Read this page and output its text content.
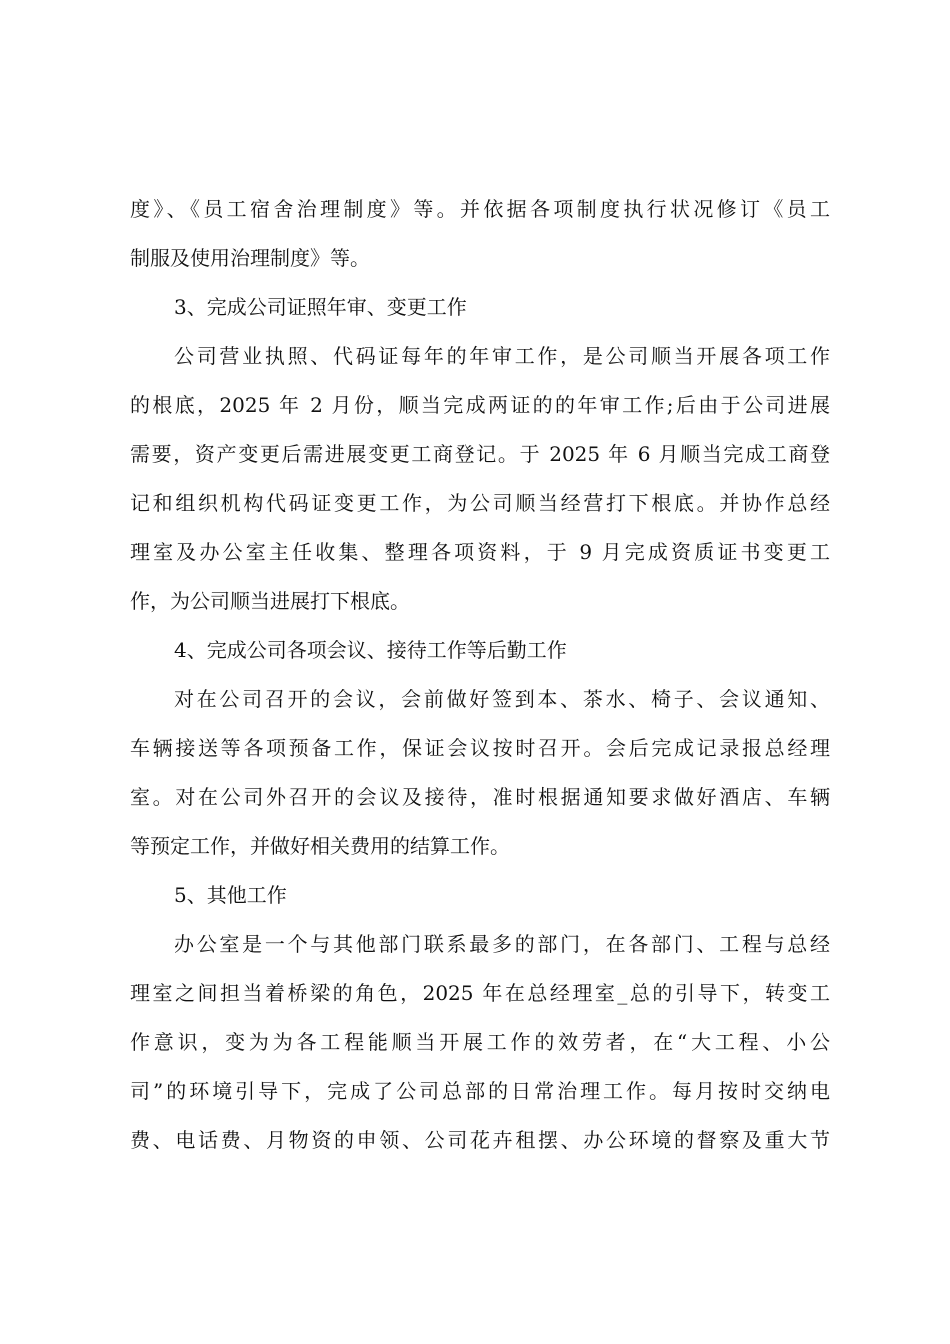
度》、《员工宿舍治理制度》等。并依据各项制度执行状况修订《员工
制服及使用治理制度》等。
3、完成公司证照年审、变更工作
公司营业执照、代码证每年的年审工作，是公司顺当开展各项工作
的根底，2025 年 2 月份，顺当完成两证的的年审工作;后由于公司进展
需要，资产变更后需进展变更工商登记。于 2025 年 6 月顺当完成工商登
记和组织机构代码证变更工作，为公司顺当经营打下根底。并协作总经
理室及办公室主任收集、整理各项资料，于 9 月完成资质证书变更工
作，为公司顺当进展打下根底。
4、完成公司各项会议、接待工作等后勤工作
对在公司召开的会议，会前做好签到本、茶水、椅子、会议通知、
车辆接送等各项预备工作，保证会议按时召开。会后完成记录报总经理
室。对在公司外召开的会议及接待，准时根据通知要求做好酒店、车辆
等预定工作，并做好相关费用的结算工作。
5、其他工作
办公室是一个与其他部门联系最多的部门，在各部门、工程与总经
理室之间担当着桥梁的角色，2025 年在总经理室_总的引导下，转变工
作意识，变为为各工程能顺当开展工作的效劳者，在“大工程、小公
司”的环境引导下，完成了公司总部的日常治理工作。每月按时交纳电
费、电话费、月物资的申领、公司花卉租摆、办公环境的督察及重大节
